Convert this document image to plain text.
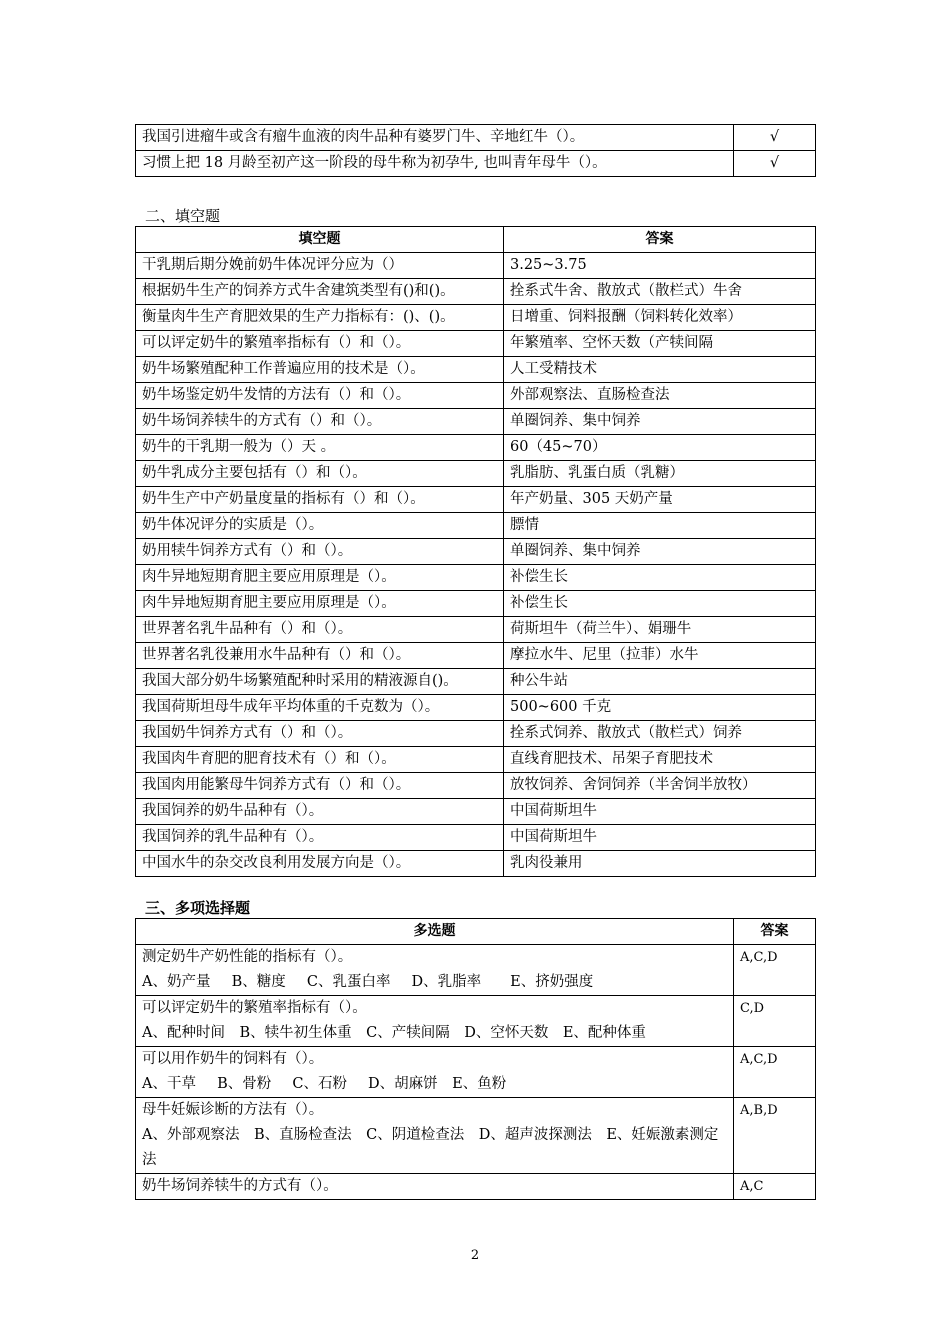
我国引进瘤牛或含有瘤牛血液的肉牛品种有婆罗门牛、辛地红牛（）。	√
习惯上把 18 月龄至初产这一阶段的母牛称为初孕牛, 也叫青年母牛（）。	√
二、填空题
填空题	答案
干乳期后期分娩前奶牛体况评分应为（）	3.25~3.75
根据奶牛生产的饲养方式牛舍建筑类型有()和()。	拴系式牛舍、散放式（散栏式）牛舍
衡量肉牛生产育肥效果的生产力指标有：()、()。	日增重、饲料报酬（饲料转化效率）
可以评定奶牛的繁殖率指标有（）和（）。	年繁殖率、空怀天数（产犊间隔
奶牛场繁殖配种工作普遍应用的技术是（）。	人工受精技术
奶牛场鉴定奶牛发情的方法有（）和（）。	外部观察法、直肠检查法
奶牛场饲养犊牛的方式有（）和（）。	单圈饲养、集中饲养
奶牛的干乳期一般为（）天 。	60（45~70）
奶牛乳成分主要包括有（）和（）。	乳脂肪、乳蛋白质（乳糖）
奶牛生产中产奶量度量的指标有（）和（）。	年产奶量、305 天奶产量
奶牛体况评分的实质是（）。	膘情
奶用犊牛饲养方式有（）和（）。	单圈饲养、集中饲养
肉牛异地短期育肥主要应用原理是（）。	补偿生长
肉牛异地短期育肥主要应用原理是（）。	补偿生长
世界著名乳牛品种有（）和（）。	荷斯坦牛（荷兰牛）、娟珊牛
世界著名乳役兼用水牛品种有（）和（）。	摩拉水牛、尼里（拉菲）水牛
我国大部分奶牛场繁殖配种时采用的精液源自()。	种公牛站
我国荷斯坦母牛成年平均体重的千克数为（）。	500~600 千克
我国奶牛饲养方式有（）和（）。	拴系式饲养、散放式（散栏式）饲养
我国肉牛育肥的肥育技术有（）和（）。	直线育肥技术、吊架子育肥技术
我国肉用能繁母牛饲养方式有（）和（）。	放牧饲养、舍饲饲养（半舍饲半放牧）
我国饲养的奶牛品种有（）。	中国荷斯坦牛
我国饲养的乳牛品种有（）。	中国荷斯坦牛
中国水牛的杂交改良利用发展方向是（）。	乳肉役兼用
三、多项选择题
多选题	答案

测定奶牛产奶性能的指标有（）。
A、奶产量　 B、糖度　 C、乳蛋白率　 D、乳脂率　　E、挤奶强度	A,C,D

可以评定奶牛的繁殖率指标有（）。
A、配种时间　B、犊牛初生体重　C、产犊间隔　D、空怀天数　E、配种体重	C,D

可以用作奶牛的饲料有（）。
A、干草　 B、骨粉　 C、石粉　 D、胡麻饼　E、鱼粉	A,C,D

母牛妊娠诊断的方法有（）。
A、外部观察法　B、直肠检查法　C、阴道检查法　D、超声波探测法　E、妊娠激素测定法	A,B,D

奶牛场饲养犊牛的方式有（）。	A,C
2
